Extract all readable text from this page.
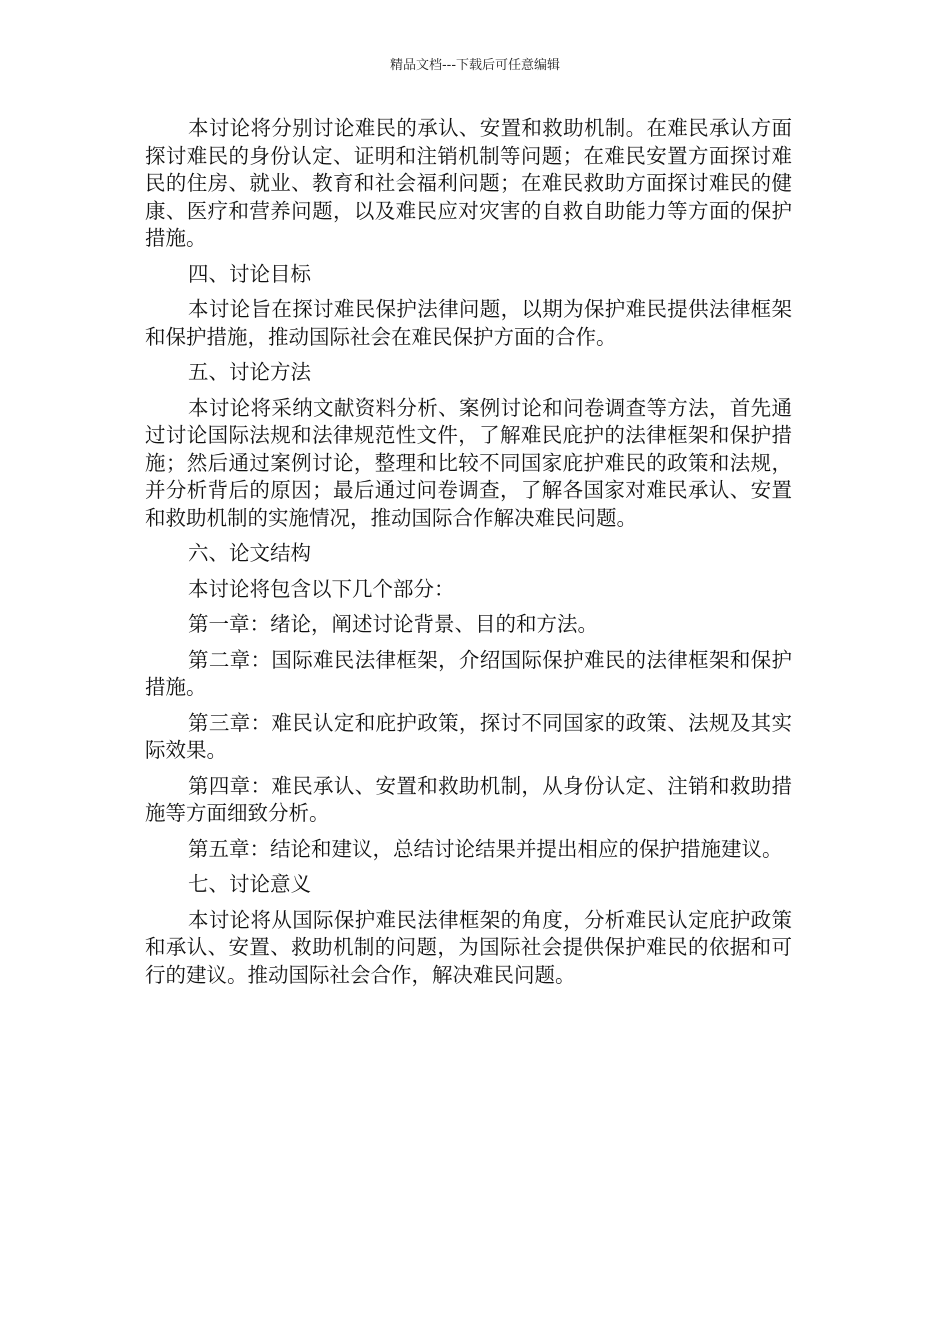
精品文档---下载后可任意编辑

本讨论将分别讨论难民的承认、安置和救助机制。在难民承认方面探讨难民的身份认定、证明和注销机制等问题；在难民安置方面探讨难民的住房、就业、教育和社会福利问题；在难民救助方面探讨难民的健康、医疗和营养问题，以及难民应对灾害的自救自助能力等方面的保护措施。

四、讨论目标

本讨论旨在探讨难民保护法律问题，以期为保护难民提供法律框架和保护措施，推动国际社会在难民保护方面的合作。

五、讨论方法

本讨论将采纳文献资料分析、案例讨论和问卷调查等方法，首先通过讨论国际法规和法律规范性文件，了解难民庇护的法律框架和保护措施；然后通过案例讨论，整理和比较不同国家庇护难民的政策和法规，并分析背后的原因；最后通过问卷调查，了解各国家对难民承认、安置和救助机制的实施情况，推动国际合作解决难民问题。

六、论文结构

本讨论将包含以下几个部分：

第一章：绪论，阐述讨论背景、目的和方法。

第二章：国际难民法律框架，介绍国际保护难民的法律框架和保护措施。

第三章：难民认定和庇护政策，探讨不同国家的政策、法规及其实际效果。

第四章：难民承认、安置和救助机制，从身份认定、注销和救助措施等方面细致分析。

第五章：结论和建议，总结讨论结果并提出相应的保护措施建议。

七、讨论意义

本讨论将从国际保护难民法律框架的角度，分析难民认定庇护政策和承认、安置、救助机制的问题，为国际社会提供保护难民的依据和可行的建议。推动国际社会合作，解决难民问题。
